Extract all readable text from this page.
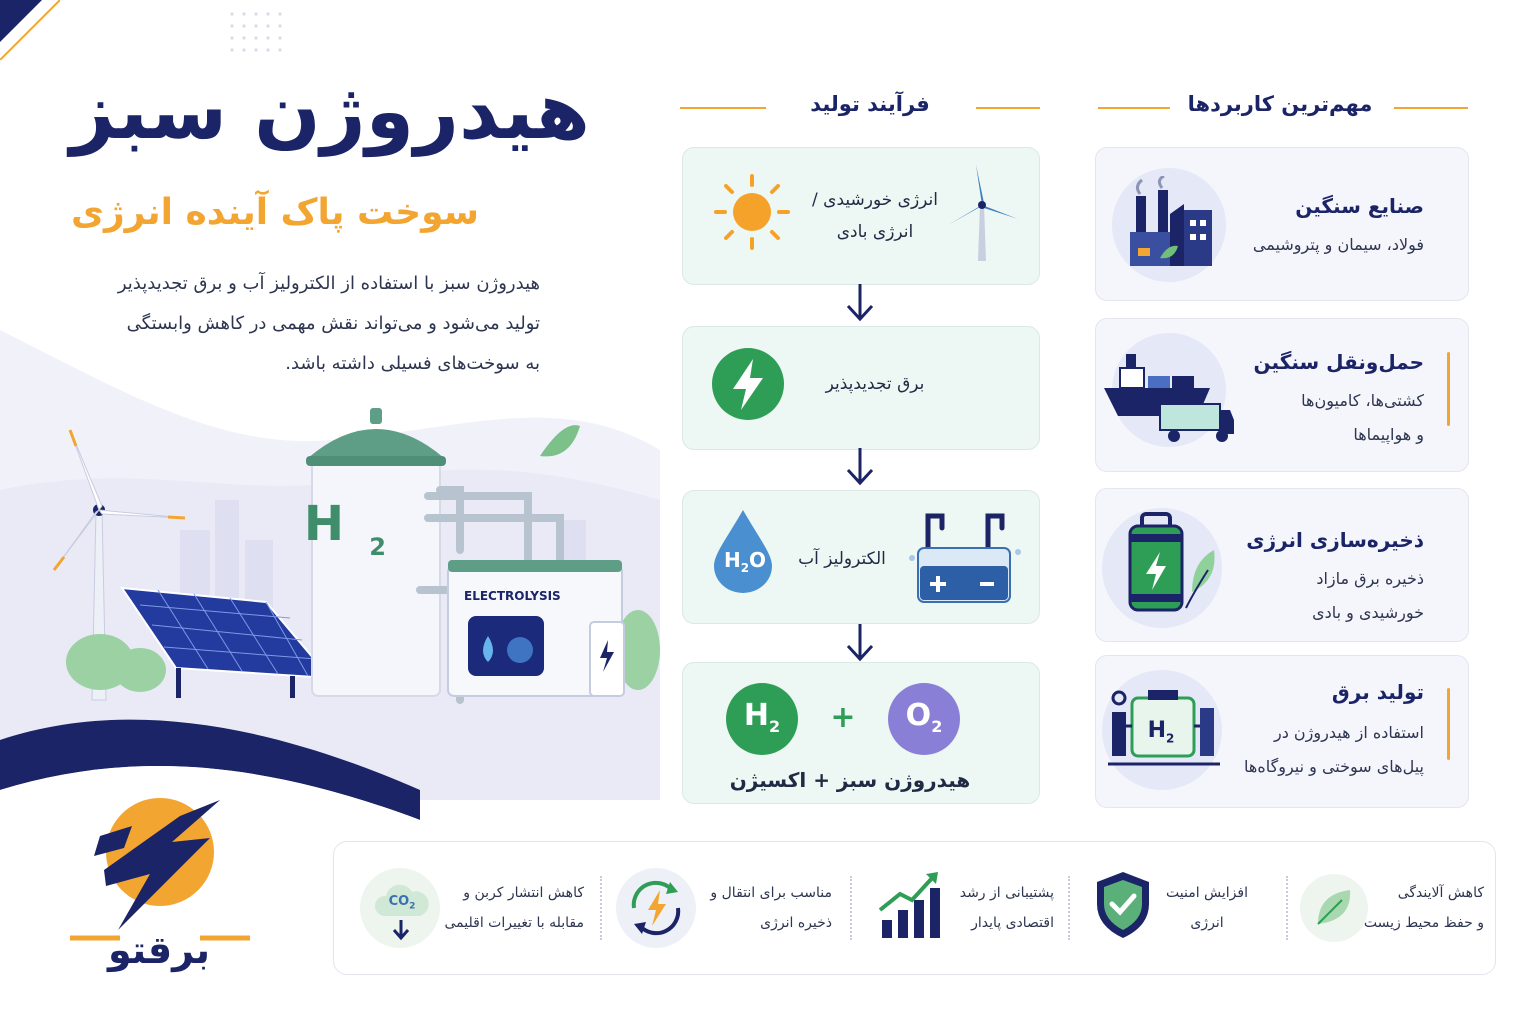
هیدروژن سبز
سوخت پاک آینده انرژی
هیدروژن سبز با استفاده از الکترولیز آب و برق تجدیدپذیر
تولید می‌شود و می‌تواند نقش مهمی در کاهش وابستگی
به سوخت‌های فسیلی داشته باشد.
H 2
ELECTROLYSIS
برقتو
فرآیند تولید
انرژی خورشیدی /
انرژی بادی
برق تجدیدپذیر
$H_2O$	الکترولیز آب
$H_2$	+	$O_2$
هیدروژن سبز + اکسیژن
مهم‌ترین کاربردها
صنایع سنگین
فولاد، سیمان و پتروشیمی
حمل‌ونقل سنگین
کشتی‌ها، کامیون‌ها
و هواپیماها
ذخیره‌سازی انرژی
ذخیره برق مازاد
خورشیدی و بادی
$H_2$
تولید برق
استفاده از هیدروژن در
پیل‌های سوختی و نیروگاه‌ها
کاهش آلایندگی
و حفظ محیط زیست
افزایش امنیت
انرژی
پشتیبانی از رشد
اقتصادی پایدار
مناسب برای انتقال و
ذخیره انرژی
$CO_2$
کاهش انتشار کربن و
مقابله با تغییرات اقلیمی
